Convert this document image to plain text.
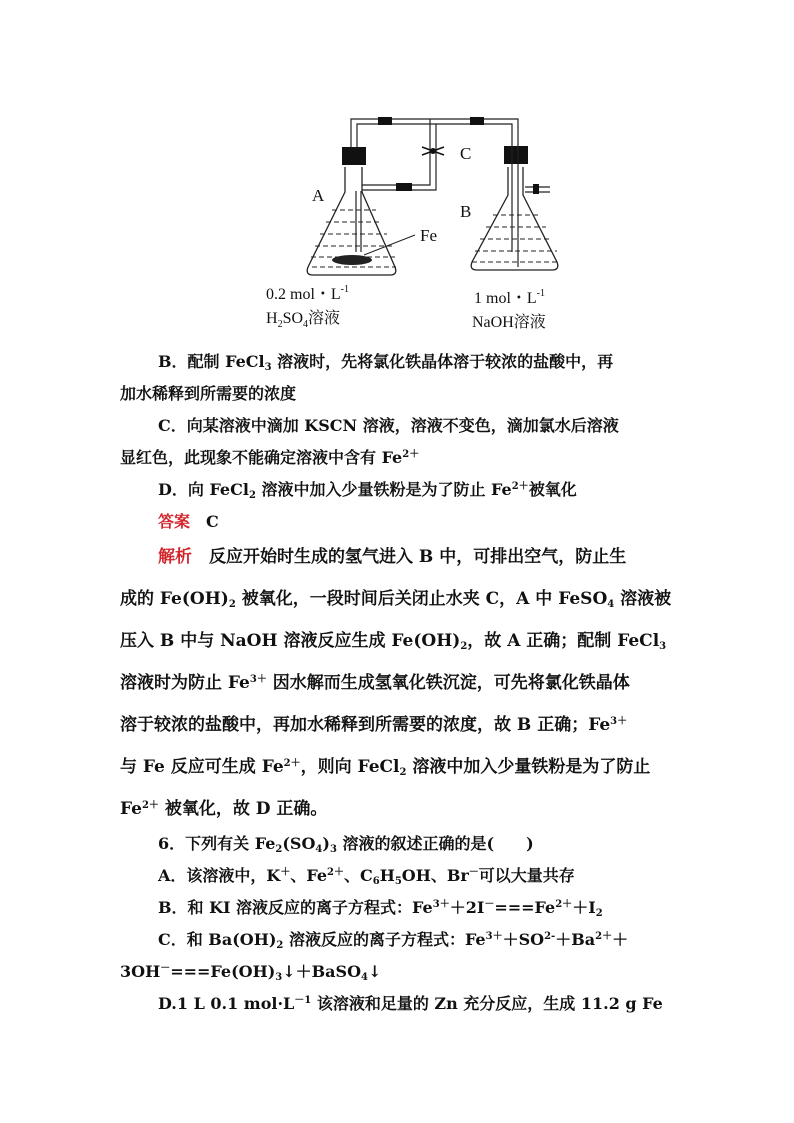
A
B
C
Fe
0.2 mol・$L^{-1}$
$H_2SO_4$溶液
1 mol・$L^{-1}$
NaOH溶液
B．配制 FeCl$_3$ 溶液时，先将氯化铁晶体溶于较浓的盐酸中，再
加水稀释到所需要的浓度
C．向某溶液中滴加 KSCN 溶液，溶液不变色，滴加氯水后溶液
显红色，此现象不能确定溶液中含有 $Fe^{2+}$
D．向 FeCl$_2$ 溶液中加入少量铁粉是为了防止 $Fe^{2+}$被氧化
答案　 C
解析　反应开始时生成的氢气进入 B 中，可排出空气，防止生
成的 $Fe(OH)_2$ 被氧化，一段时间后关闭止水夹 C，A 中 FeSO$_4$ 溶液被
压入 B 中与 NaOH 溶液反应生成 $Fe(OH)_2$，故 A 正确；配制 FeCl$_3$
溶液时为防止 $Fe^{3+}$ 因水解而生成氢氧化铁沉淀，可先将氯化铁晶体
溶于较浓的盐酸中，再加水稀释到所需要的浓度，故 B 正确；$Fe^{3+}$
与 Fe 反应可生成 $Fe^{2+}$，则向 FeCl$_2$ 溶液中加入少量铁粉是为了防止
$Fe^{2+}$ 被氧化，故 D 正确。
6．下列有关 $Fe_2(SO_4)_3$ 溶液的叙述正确的是(　　)
A．该溶液中，K＋、$Fe^{2+}$、$C_6H_5OH$、Br－可以大量共存
B．和 KI 溶液反应的离子方程式：$Fe^{3+}+2I^-===Fe^{2+}+I_2$
C．和 $Ba(OH)_2$ 溶液反应的离子方程式：$Fe^{3+}+SO^{2-}+Ba^{2+}+$
$3OH^-===Fe(OH)_3↓+BaSO_4↓$
D.1 L 0.1 $mol\cdot L^{-1}$ 该溶液和足量的 Zn 充分反应，生成 11.2 g Fe
